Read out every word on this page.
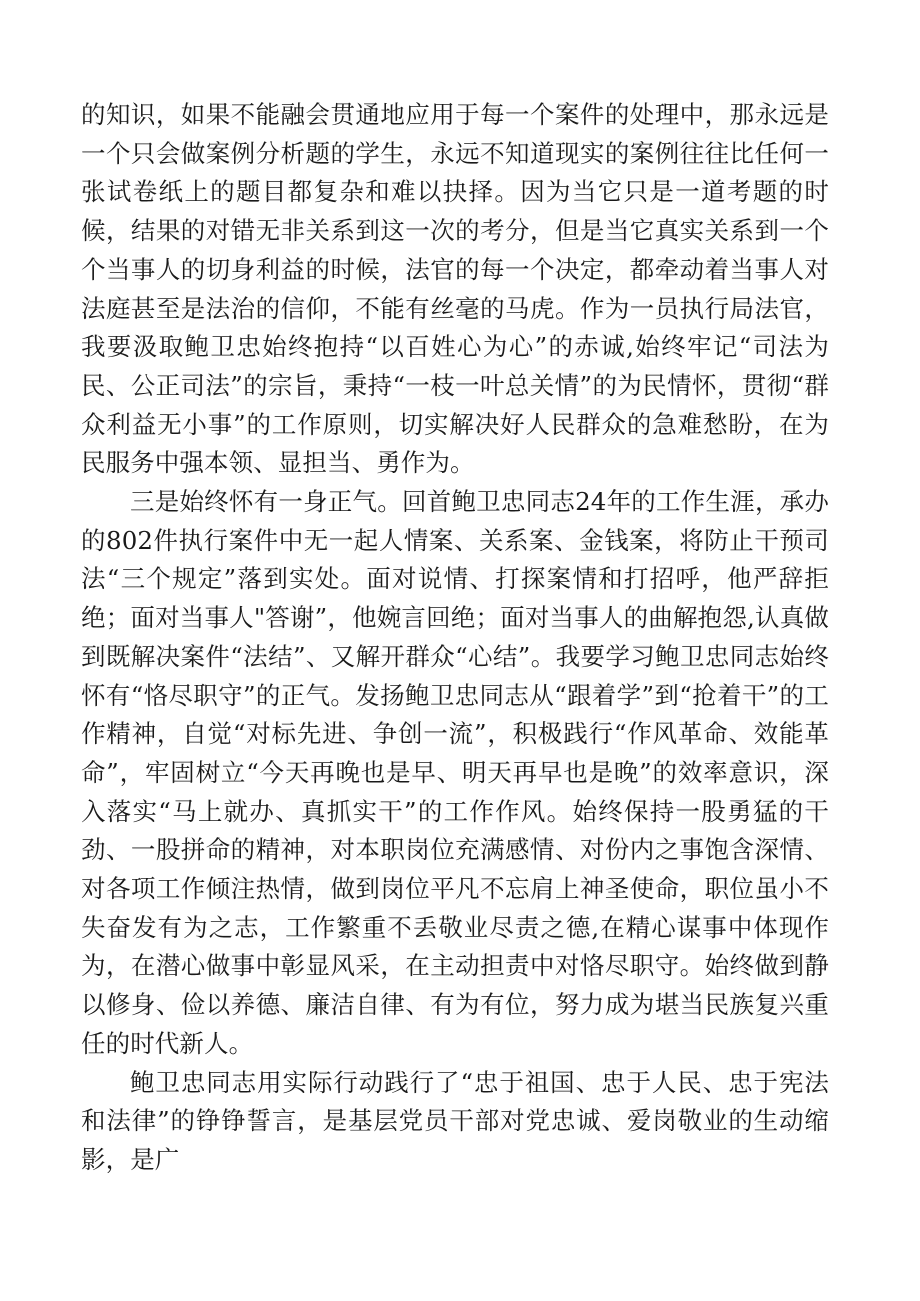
的知识，如果不能融会贯通地应用于每一个案件的处理中，那永远是一个只会做案例分析题的学生，永远不知道现实的案例往往比任何一张试卷纸上的题目都复杂和难以抉择。因为当它只是一道考题的时候，结果的对错无非关系到这一次的考分，但是当它真实关系到一个个当事人的切身利益的时候，法官的每一个决定，都牵动着当事人对法庭甚至是法治的信仰，不能有丝毫的马虎。作为一员执行局法官，我要汲取鲍卫忠始终抱持“以百姓心为心”的赤诚,始终牢记“司法为民、公正司法”的宗旨，秉持“一枝一叶总关情”的为民情怀，贯彻“群众利益无小事”的工作原则，切实解决好人民群众的急难愁盼，在为民服务中强本领、显担当、勇作为。

三是始终怀有一身正气。回首鲍卫忠同志24年的工作生涯，承办的802件执行案件中无一起人情案、关系案、金钱案，将防止干预司法“三个规定”落到实处。面对说情、打探案情和打招呼，他严辞拒绝；面对当事人"答谢”，他婉言回绝；面对当事人的曲解抱怨,认真做到既解决案件“法结”、又解开群众“心结”。我要学习鲍卫忠同志始终怀有“恪尽职守”的正气。发扬鲍卫忠同志从“跟着学”到“抢着干”的工作精神，自觉“对标先进、争创一流”，积极践行“作风革命、效能革命”，牢固树立“今天再晚也是早、明天再早也是晚”的效率意识，深入落实“马上就办、真抓实干”的工作作风。始终保持一股勇猛的干劲、一股拼命的精神，对本职岗位充满感情、对份内之事饱含深情、对各项工作倾注热情，做到岗位平凡不忘肩上神圣使命，职位虽小不失奋发有为之志，工作繁重不丢敬业尽责之德,在精心谋事中体现作为，在潜心做事中彰显风采，在主动担责中对恪尽职守。始终做到静以修身、俭以养德、廉洁自律、有为有位，努力成为堪当民族复兴重任的时代新人。

鲍卫忠同志用实际行动践行了“忠于祖国、忠于人民、忠于宪法和法律”的铮铮誓言，是基层党员干部对党忠诚、爱岗敬业的生动缩影，是广
